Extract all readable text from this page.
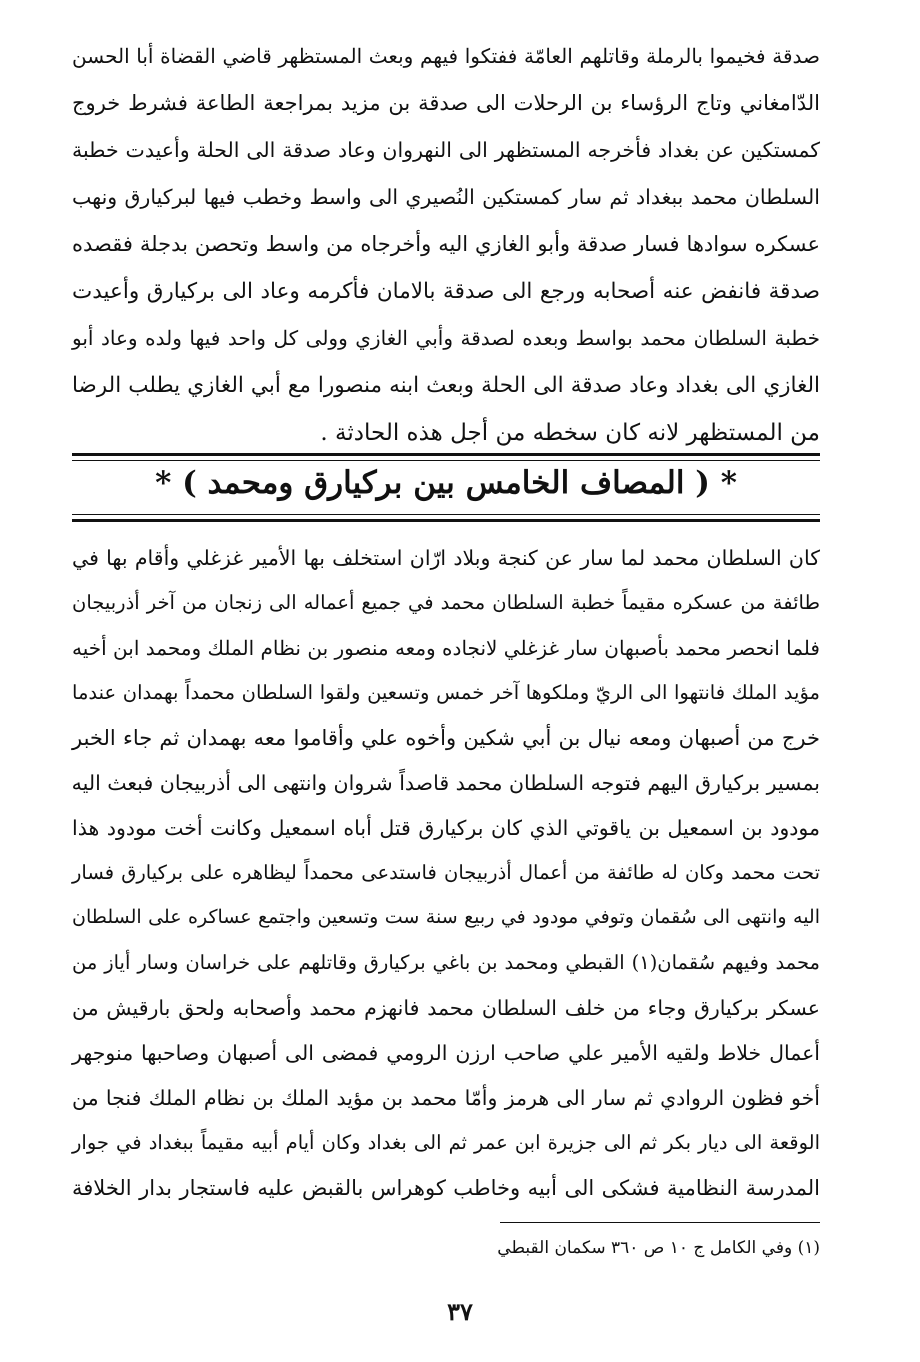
صدقة فخيموا بالرملة وقاتلهم العامّة ففتكوا فيهم وبعث المستظهر قاضي القضاة أبا الحسن
الدّامغاني وتاج الرؤساء بن الرحلات الى صدقة بن مزيد بمراجعة الطاعة فشرط خروج
كمستكين عن بغداد فأخرجه المستظهر الى النهروان وعاد صدقة الى الحلة وأعيدت خطبة
السلطان محمد ببغداد ثم سار كمستكين النُصيري الى واسط وخطب فيها لبركيارق ونهب
عسكره سوادها فسار صدقة وأبو الغازي اليه وأخرجاه من واسط وتحصن بدجلة فقصده
صدقة فانفض عنه أصحابه ورجع الى صدقة بالامان فأكرمه وعاد الى بركيارق وأعيدت
خطبة السلطان محمد بواسط وبعده لصدقة وأبي الغازي وولى كل واحد فيها ولده وعاد أبو
الغازي الى بغداد وعاد صدقة الى الحلة وبعث ابنه منصورا مع أبي الغازي يطلب الرضا
من المستظهر لانه كان سخطه من أجل هذه الحادثة .
* ( المصاف الخامس بين بركيارق ومحمد ) *
كان السلطان محمد لما سار عن كنجة وبلاد ارّان استخلف بها الأمير غزغلي وأقام بها في
طائفة من عسكره مقيماً خطبة السلطان محمد في جميع أعماله الى زنجان من آخر أذربيجان
فلما انحصر محمد بأصبهان سار غزغلي لانجاده ومعه منصور بن نظام الملك ومحمد ابن أخيه
مؤيد الملك فانتهوا الى الريّ وملكوها آخر خمس وتسعين ولقوا السلطان محمداً بهمدان عندما
خرج من أصبهان ومعه نيال بن أبي شكين وأخوه علي وأقاموا معه بهمدان ثم جاء الخبر
بمسير بركيارق اليهم فتوجه السلطان محمد قاصداً شروان وانتهى الى أذربيجان فبعث اليه
مودود بن اسمعيل بن ياقوتي الذي كان بركيارق قتل أباه اسمعيل وكانت أخت مودود هذا
تحت محمد وكان له طائفة من أعمال أذربيجان فاستدعى محمداً ليظاهره على بركيارق فسار
اليه وانتهى الى سُقمان وتوفي مودود في ربيع سنة ست وتسعين واجتمع عساكره على السلطان
محمد وفيهم سُقمان(١) القبطي ومحمد بن باغي بركيارق وقاتلهم على خراسان وسار أياز من
عسكر بركيارق وجاء من خلف السلطان محمد فانهزم محمد وأصحابه ولحق بارقيش من
أعمال خلاط ولقيه الأمير علي صاحب ارزن الرومي فمضى الى أصبهان وصاحبها منوجهر
أخو فظون الروادي ثم سار الى هرمز وأمّا محمد بن مؤيد الملك بن نظام الملك فنجا من
الوقعة الى ديار بكر ثم الى جزيرة ابن عمر ثم الى بغداد وكان أيام أبيه مقيماً ببغداد في جوار
المدرسة النظامية فشكى الى أبيه وخاطب كوهراس بالقبض عليه فاستجار بدار الخلافة
(١) وفي الكامل ج ١٠ ص ٣٦٠ سكمان القبطي
٣٧
